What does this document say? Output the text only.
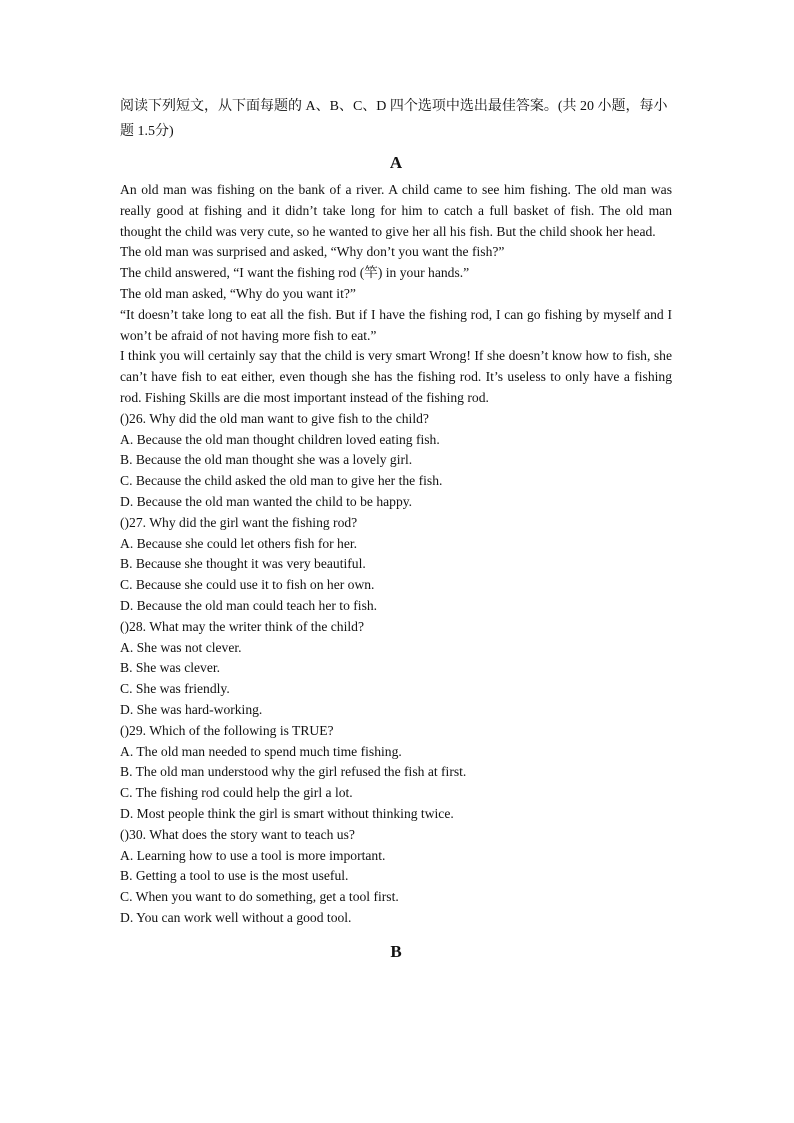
阅读下列短文，从下面每题的 A、B、C、D 四个选项中选出最佳答案。(共 20 小题，每小题 1.5分)

A

An old man was fishing on the bank of a river. A child came to see him fishing. The old man was really good at fishing and it didn’t take long for him to catch a full basket of fish. The old man thought the child was very cute, so he wanted to give her all his fish. But the child shook her head.

The old man was surprised and asked, “Why don’t you want the fish?”

The child answered, “I want the fishing rod (竿) in your hands.”

The old man asked, “Why do you want it?”

“It doesn’t take long to eat all the fish. But if I have the fishing rod, I can go fishing by myself and I won’t be afraid of not having more fish to eat.”

I think you will certainly say that the child is very smart Wrong! If she doesn’t know how to fish, she can’t have fish to eat either, even though she has the fishing rod. It’s useless to only have a fishing rod. Fishing Skills are die most important instead of the fishing rod.

()26. Why did the old man want to give fish to the child?

A. Because the old man thought children loved eating fish.

B. Because the old man thought she was a lovely girl.

C. Because the child asked the old man to give her the fish.

D. Because the old man wanted the child to be happy.

()27. Why did the girl want the fishing rod?

A. Because she could let others fish for her.

B. Because she thought it was very beautiful.

C. Because she could use it to fish on her own.

D. Because the old man could teach her to fish.

()28. What may the writer think of the child?

A. She was not clever.

B. She was clever.

C. She was friendly.

D. She was hard-working.

()29. Which of the following is TRUE?

A. The old man needed to spend much time fishing.

B. The old man understood why the girl refused the fish at first.

C. The fishing rod could help the girl a lot.

D. Most people think the girl is smart without thinking twice.

()30. What does the story want to teach us?

A. Learning how to use a tool is more important.

B. Getting a tool to use is the most useful.

C. When you want to do something, get a tool first.

D. You can work well without a good tool.

B
